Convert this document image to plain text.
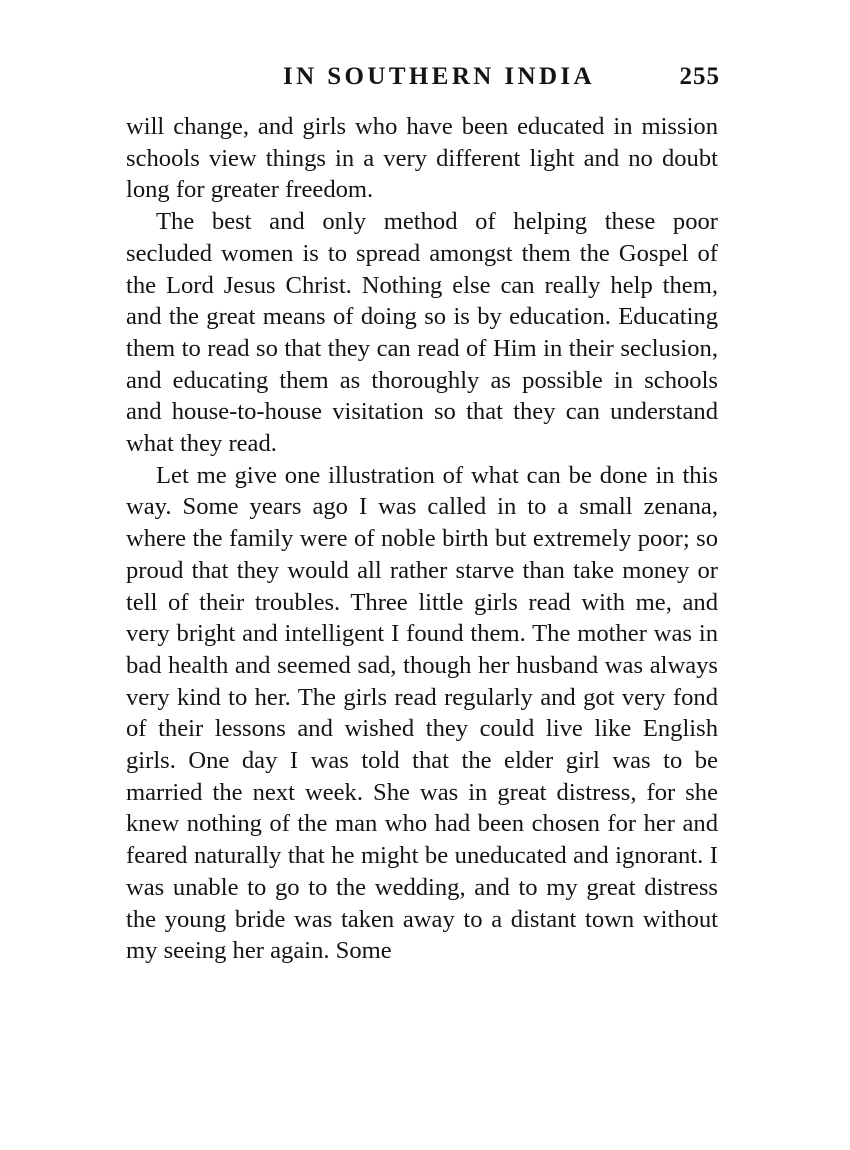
IN SOUTHERN INDIA	255

will change, and girls who have been educated in mission schools view things in a very different light and no doubt long for greater freedom.

The best and only method of helping these poor secluded women is to spread amongst them the Gospel of the Lord Jesus Christ. Nothing else can really help them, and the great means of doing so is by education. Educating them to read so that they can read of Him in their seclusion, and educating them as thoroughly as possible in schools and house-to-house visitation so that they can understand what they read.

Let me give one illustration of what can be done in this way. Some years ago I was called in to a small zenana, where the family were of noble birth but extremely poor; so proud that they would all rather starve than take money or tell of their troubles. Three little girls read with me, and very bright and intelligent I found them. The mother was in bad health and seemed sad, though her husband was always very kind to her. The girls read regularly and got very fond of their lessons and wished they could live like English girls. One day I was told that the elder girl was to be married the next week. She was in great distress, for she knew nothing of the man who had been chosen for her and feared naturally that he might be uneducated and ignorant. I was unable to go to the wedding, and to my great distress the young bride was taken away to a distant town without my seeing her again. Some
